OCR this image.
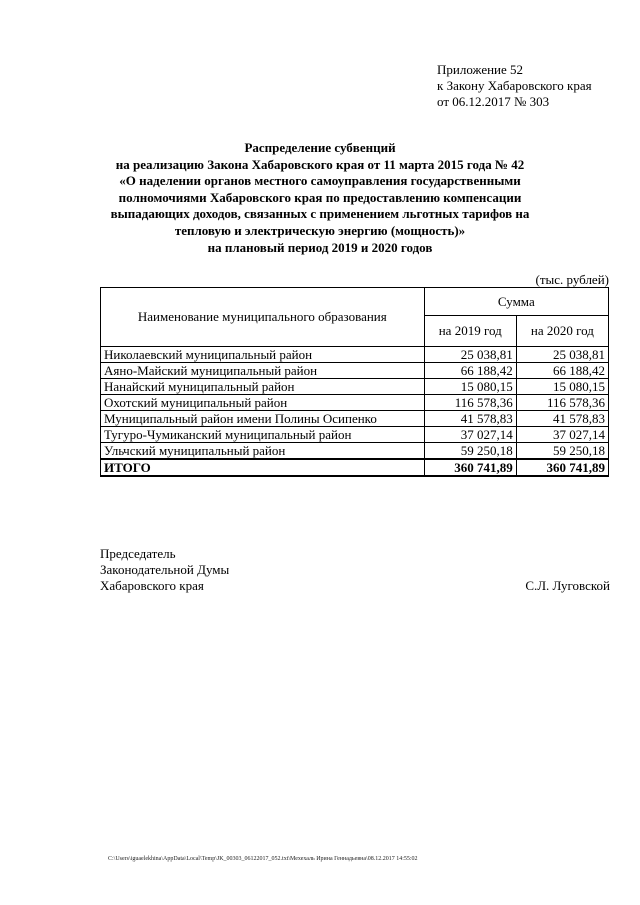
Приложение 52
к Закону Хабаровского края
от 06.12.2017 № 303
Распределение субвенций
на реализацию Закона Хабаровского края от 11 марта 2015 года № 42
«О наделении органов местного самоуправления государственными
полномочиями Хабаровского края по предоставлению компенсации
выпадающих доходов, связанных с применением льготных тарифов на
тепловую и электрическую энергию (мощность)»
на плановый период 2019 и 2020 годов
(тыс. рублей)
Наименование муниципального образования	Сумма	
	на 2019 год	на 2020 год
Николаевский муниципальный район	25 038,81	25 038,81
Аяно-Майский муниципальный район	66 188,42	66 188,42
Нанайский муниципальный район	15 080,15	15 080,15
Охотский муниципальный район	116 578,36	116 578,36
Муниципальный район имени Полины Осипенко	41 578,83	41 578,83
Тугуро-Чумиканский муниципальный район	37 027,14	37 027,14
Ульчский муниципальный район	59 250,18	59 250,18
ИТОГО	360 741,89	360 741,89
Председатель
Законодательной Думы
Хабаровского края	С.Л. Луговской
C:\Users\iguaelekhina\AppData\Local\Temp\JK_00303_06122017_052.txt\Мехехаль Ирина Геннадьевна\08.12.2017 14:55:02
